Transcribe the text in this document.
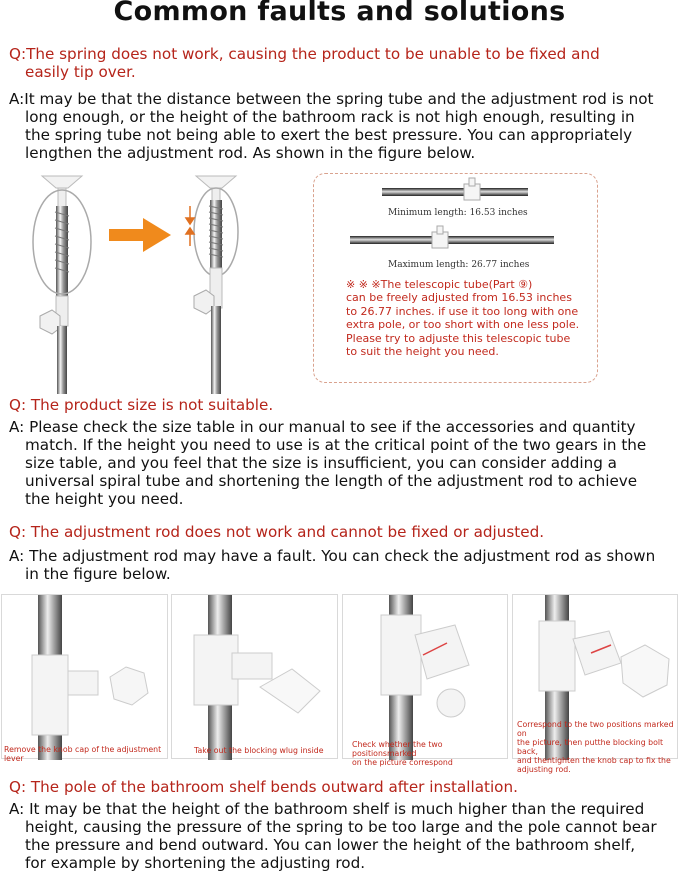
Common faults and solutions
Q:The spring does not work, causing the product to be unable to be fixed and
easily tip over.
A:It may be that the distance between the spring tube and the adjustment rod is not
long enough, or the height of the bathroom rack is not high enough, resulting in
the spring tube not being able to exert the best pressure. You can appropriately
lengthen the adjustment rod. As shown in the figure below.
Minimum length: 16.53 inches
Maximum length: 26.77 inches
※ ※ ※The telescopic tube(Part ⑨)
can be freely adjusted from 16.53 inches
to 26.77 inches. if use it too long with one
extra pole, or too short with one less pole.
Please try to adjuste this telescopic tube
to suit the height you need.
Q: The product size is not suitable.
A: Please check the size table in our manual to see if the accessories and quantity
match. If the height you need to use is at the critical point of the two gears in the
size table, and you feel that the size is insufficient, you can consider adding a
universal spiral tube and shortening the length of the adjustment rod to achieve
the height you need.
Q: The adjustment rod does not work and cannot be fixed or adjusted.
A: The adjustment rod may have a fault. You can check the adjustment rod as shown
in the figure below.
Remove the knob cap of the adjustment lever
Take out the blocking wlug inside
Check whether the two positionsmarked
on the picture correspond
Correspond to the two positions marked on
the picture, then putthe blocking bolt back,
and thentighten the knob cap to fix the
adjusting rod.
Q: The pole of the bathroom shelf bends outward after installation.
A: It may be that the height of the bathroom shelf is much higher than the required
height, causing the pressure of the spring to be too large and the pole cannot bear
the pressure and bend outward. You can lower the height of the bathroom shelf,
for example by shortening the adjusting rod.
